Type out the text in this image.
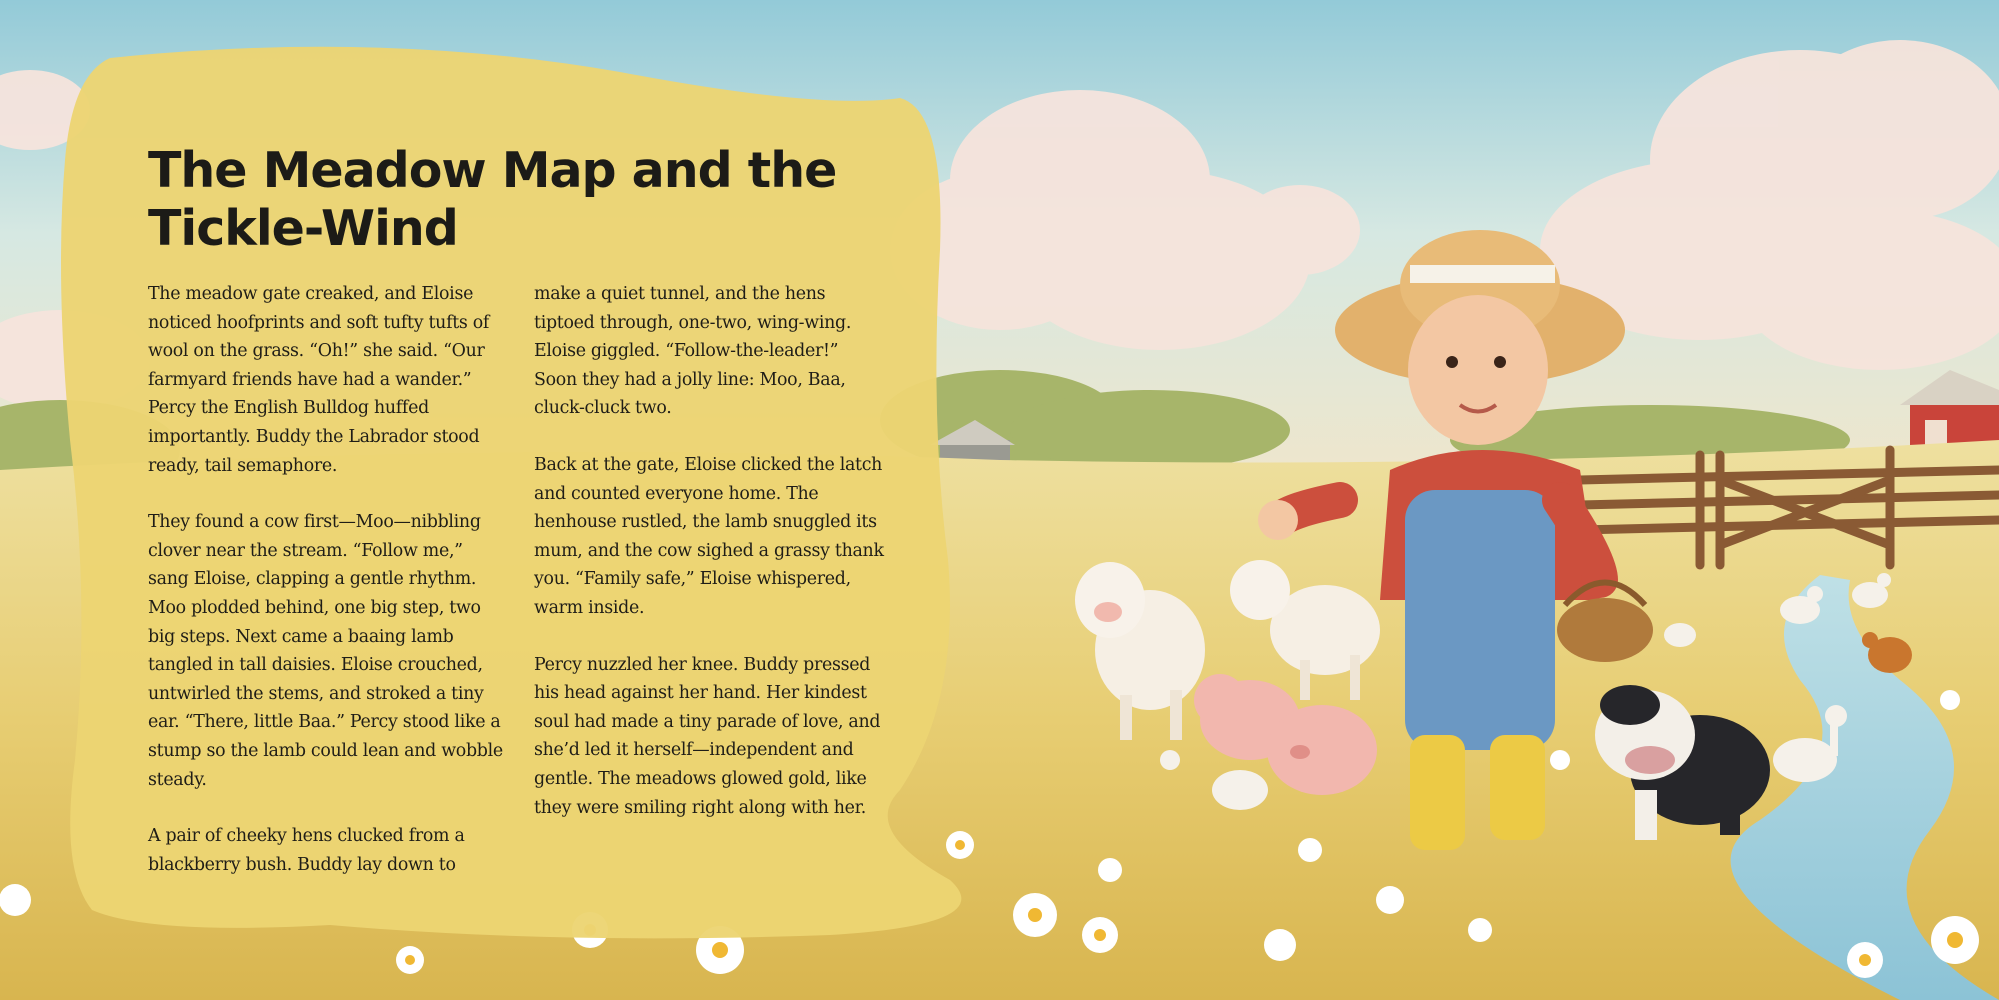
The Meadow Map and the Tickle-Wind

The meadow gate creaked, and Eloise noticed hoofprints and soft tufty tufts of wool on the grass. “Oh!” she said. “Our farmyard friends have had a wander.” Percy the English Bulldog huffed importantly. Buddy the Labrador stood ready, tail semaphore.

They found a cow first—Moo—nibbling clover near the stream. “Follow me,” sang Eloise, clapping a gentle rhythm. Moo plodded behind, one big step, two big steps. Next came a baaing lamb tangled in tall daisies. Eloise crouched, untwirled the stems, and stroked a tiny ear. “There, little Baa.” Percy stood like a stump so the lamb could lean and wobble steady.

A pair of cheeky hens clucked from a blackberry bush. Buddy lay down to

make a quiet tunnel, and the hens tiptoed through, one-two, wing-wing. Eloise giggled. “Follow-the-leader!” Soon they had a jolly line: Moo, Baa, cluck-cluck two.

Back at the gate, Eloise clicked the latch and counted everyone home. The henhouse rustled, the lamb snuggled its mum, and the cow sighed a grassy thank you. “Family safe,” Eloise whispered, warm inside.

Percy nuzzled her knee. Buddy pressed his head against her hand. Her kindest soul had made a tiny parade of love, and she’d led it herself—independent and gentle. The meadows glowed gold, like they were smiling right along with her.
